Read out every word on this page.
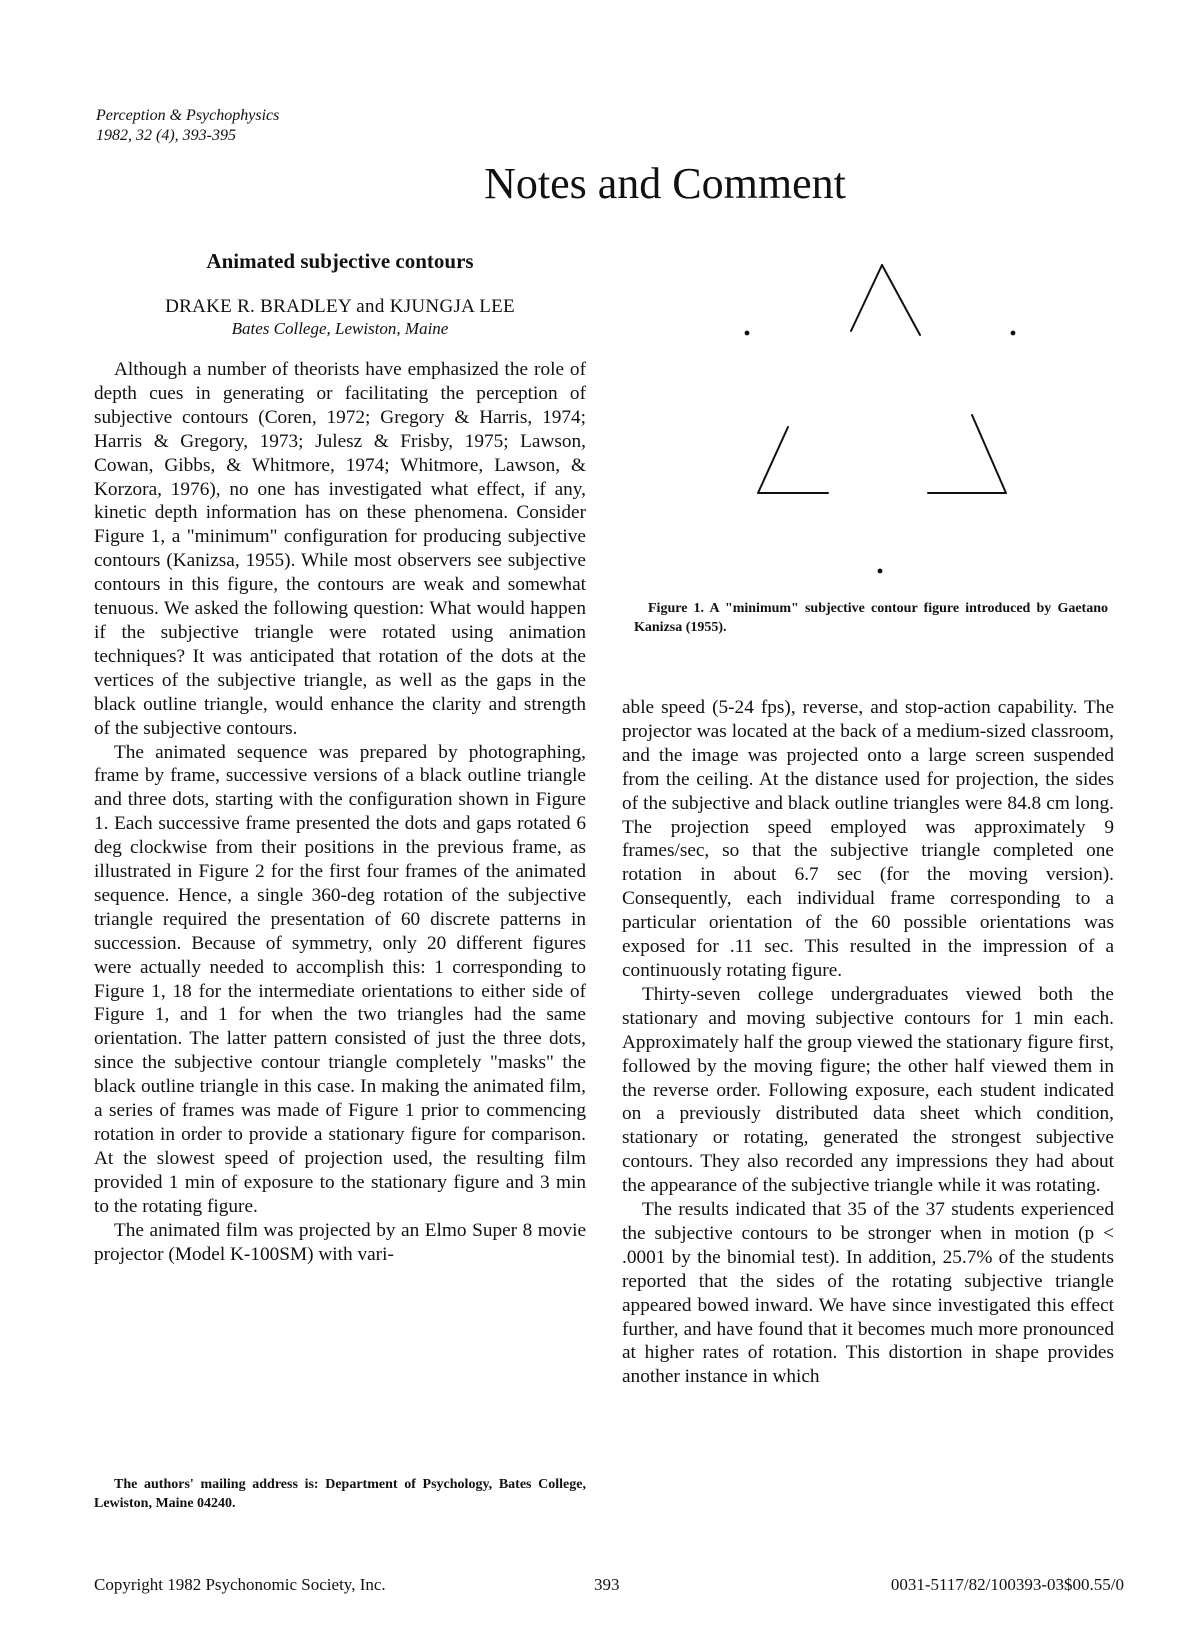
Perception & Psychophysics
1982, 32 (4), 393-395
Notes and Comment
Animated subjective contours
DRAKE R. BRADLEY and KJUNGJA LEE
Bates College, Lewiston, Maine

Although a number of theorists have emphasized the role of depth cues in generating or facilitating the perception of subjective contours (Coren, 1972; Gregory & Harris, 1974; Harris & Gregory, 1973; Julesz & Frisby, 1975; Lawson, Cowan, Gibbs, & Whitmore, 1974; Whitmore, Lawson, & Korzora, 1976), no one has investigated what effect, if any, kinetic depth information has on these phenomena. Consider Figure 1, a "minimum" configuration for producing subjective contours (Kanizsa, 1955). While most observers see subjective contours in this figure, the contours are weak and somewhat tenuous. We asked the following question: What would happen if the subjective triangle were rotated using animation techniques? It was anticipated that rotation of the dots at the vertices of the subjective triangle, as well as the gaps in the black outline triangle, would enhance the clarity and strength of the subjective contours.

The animated sequence was prepared by photographing, frame by frame, successive versions of a black outline triangle and three dots, starting with the configuration shown in Figure 1. Each successive frame presented the dots and gaps rotated 6 deg clockwise from their positions in the previous frame, as illustrated in Figure 2 for the first four frames of the animated sequence. Hence, a single 360-deg rotation of the subjective triangle required the presentation of 60 discrete patterns in succession. Because of symmetry, only 20 different figures were actually needed to accomplish this: 1 corresponding to Figure 1, 18 for the intermediate orientations to either side of Figure 1, and 1 for when the two triangles had the same orientation. The latter pattern consisted of just the three dots, since the subjective contour triangle completely "masks" the black outline triangle in this case. In making the animated film, a series of frames was made of Figure 1 prior to commencing rotation in order to provide a stationary figure for comparison. At the slowest speed of projection used, the resulting film provided 1 min of exposure to the stationary figure and 3 min to the rotating figure.

The animated film was projected by an Elmo Super 8 movie projector (Model K-100SM) with vari-

The authors' mailing address is: Department of Psychology, Bates College, Lewiston, Maine 04240.
Figure 1. A "minimum" subjective contour figure introduced by Gaetano Kanizsa (1955).

able speed (5-24 fps), reverse, and stop-action capability. The projector was located at the back of a medium-sized classroom, and the image was projected onto a large screen suspended from the ceiling. At the distance used for projection, the sides of the subjective and black outline triangles were 84.8 cm long. The projection speed employed was approximately 9 frames/sec, so that the subjective triangle completed one rotation in about 6.7 sec (for the moving version). Consequently, each individual frame corresponding to a particular orientation of the 60 possible orientations was exposed for .11 sec. This resulted in the impression of a continuously rotating figure.

Thirty-seven college undergraduates viewed both the stationary and moving subjective contours for 1 min each. Approximately half the group viewed the stationary figure first, followed by the moving figure; the other half viewed them in the reverse order. Following exposure, each student indicated on a previously distributed data sheet which condition, stationary or rotating, generated the strongest subjective contours. They also recorded any impressions they had about the appearance of the subjective triangle while it was rotating.

The results indicated that 35 of the 37 students experienced the subjective contours to be stronger when in motion (p < .0001 by the binomial test). In addition, 25.7% of the students reported that the sides of the rotating subjective triangle appeared bowed inward. We have since investigated this effect further, and have found that it becomes much more pronounced at higher rates of rotation. This distortion in shape provides another instance in which

Copyright 1982 Psychonomic Society, Inc.	393	0031-5117/82/100393-03$00.55/0
